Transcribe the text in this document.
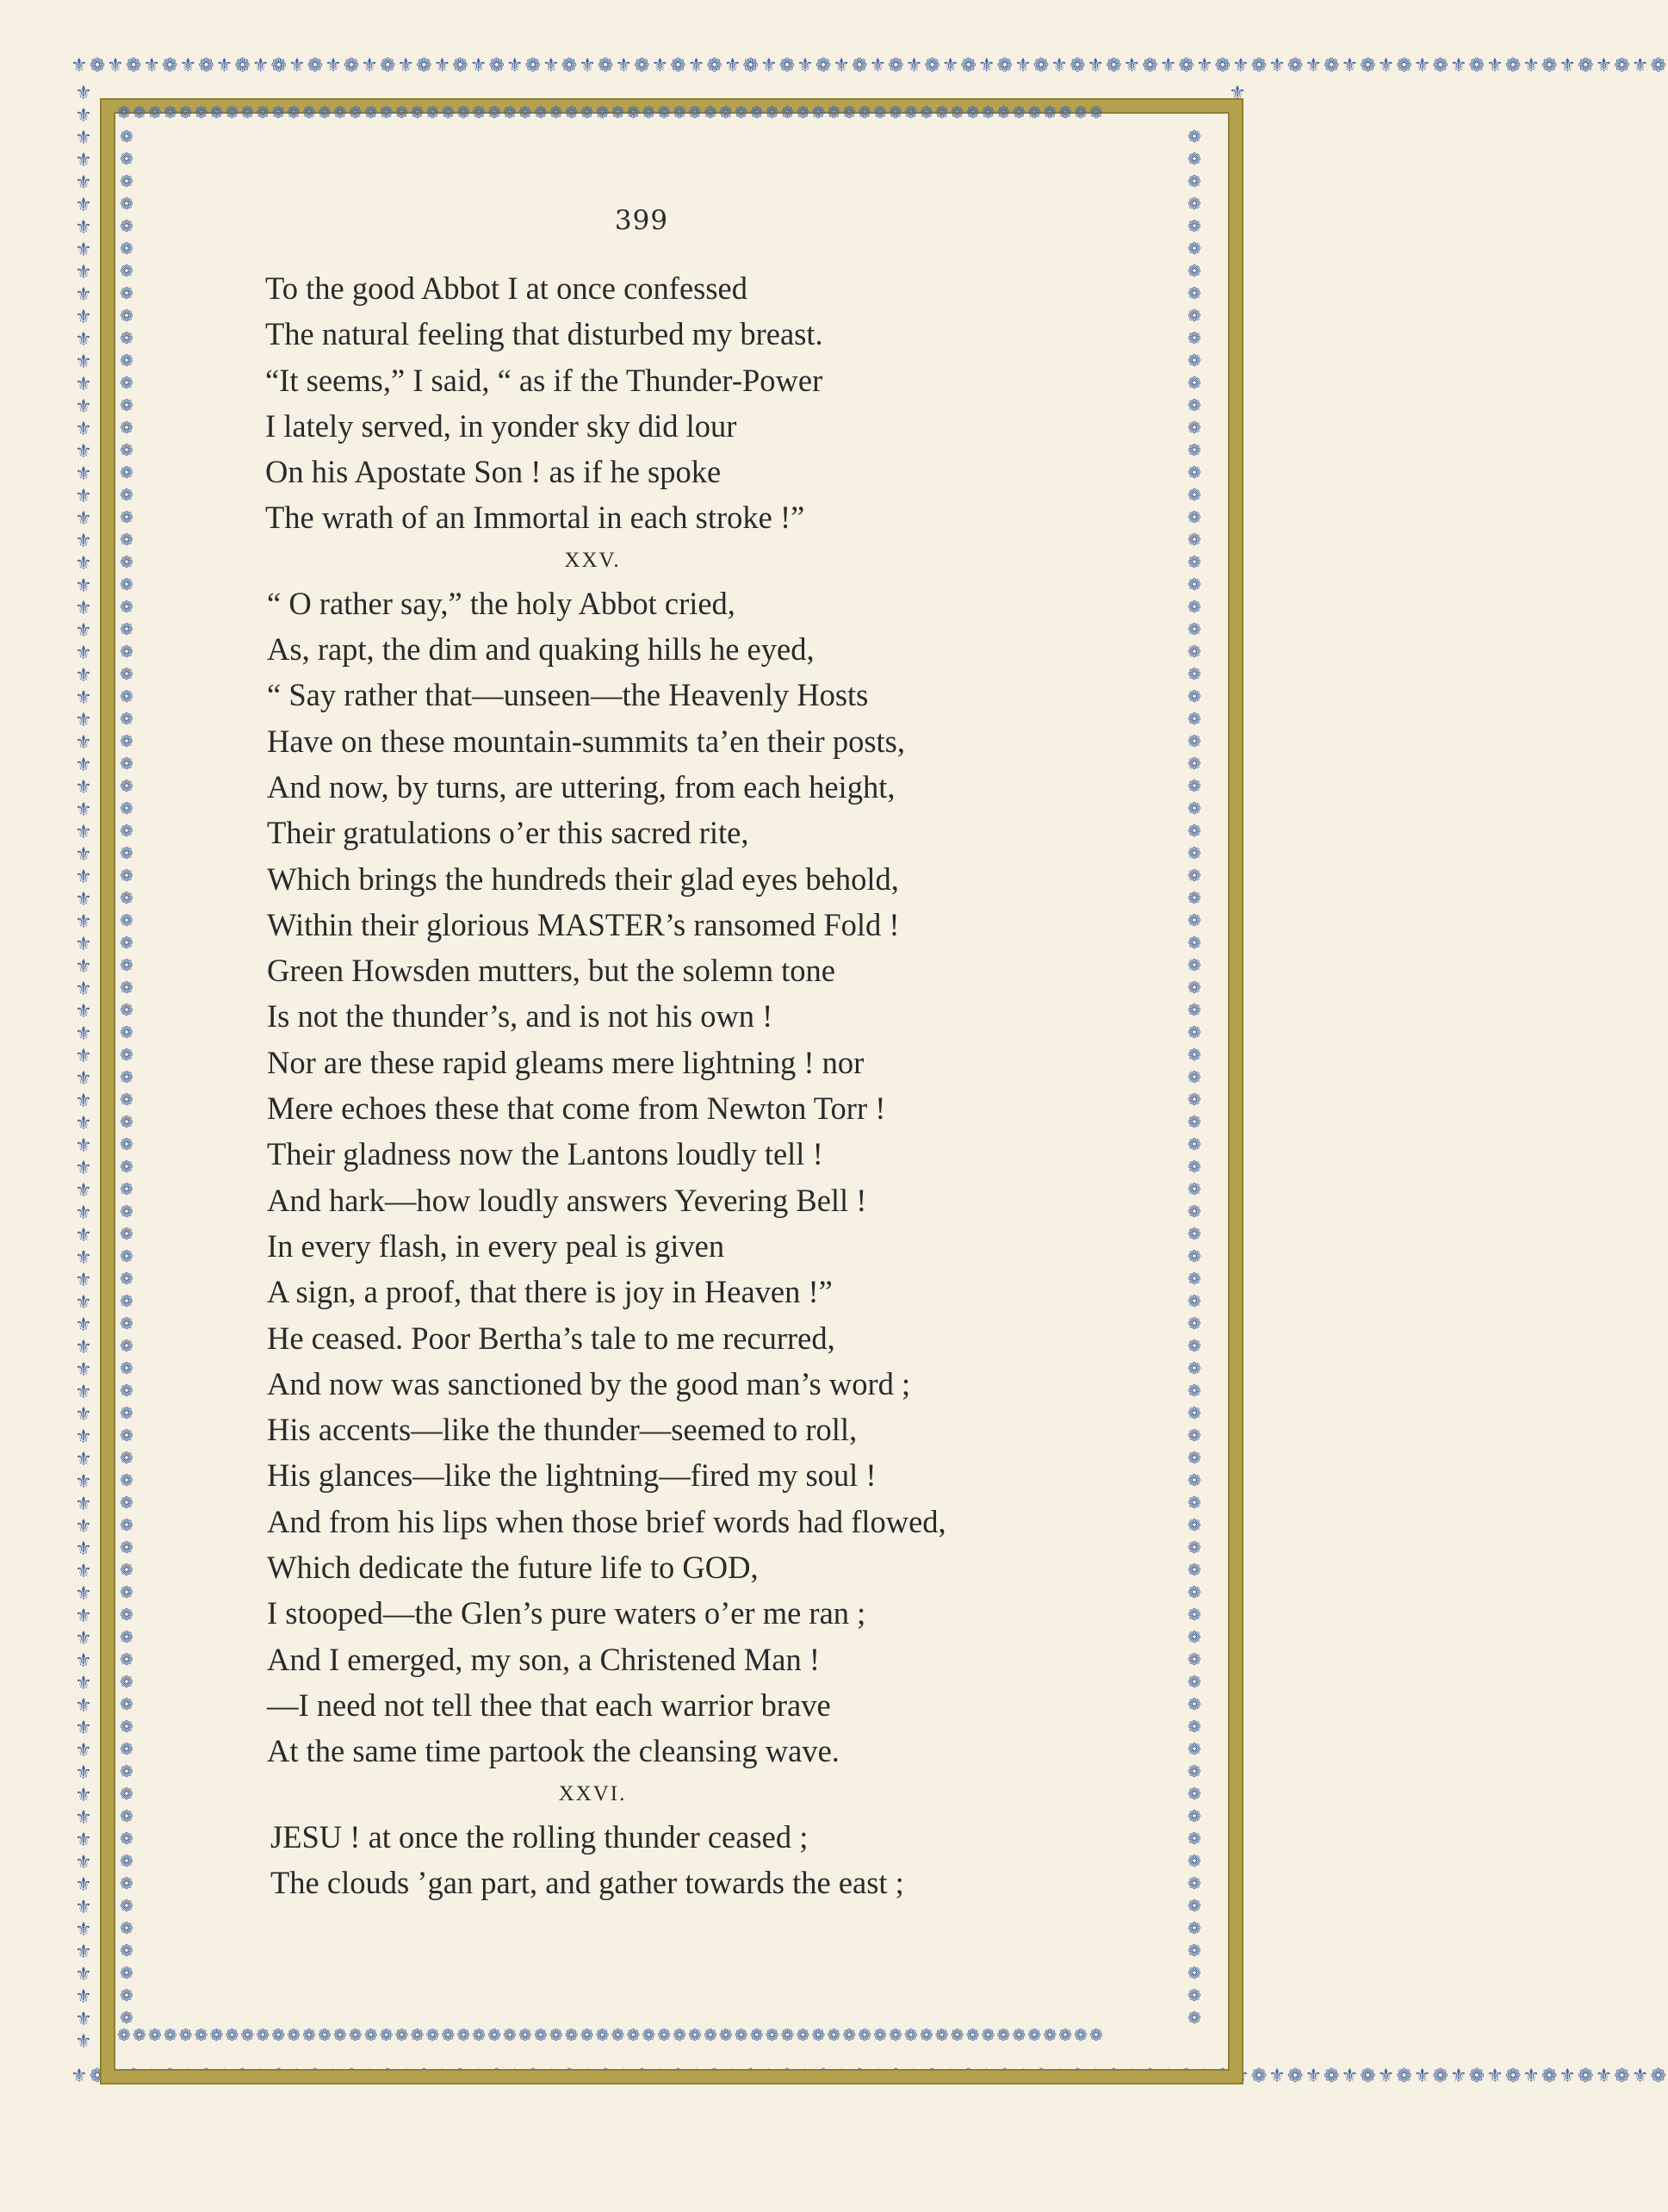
⚜❁⚜❁⚜❁⚜❁⚜❁⚜❁⚜❁⚜❁⚜❁⚜❁⚜❁⚜❁⚜❁⚜❁⚜❁⚜❁⚜❁⚜❁⚜❁⚜❁⚜❁⚜❁⚜❁⚜❁⚜❁⚜❁⚜❁⚜❁⚜❁⚜❁⚜❁⚜❁⚜❁⚜❁⚜❁⚜❁⚜❁⚜❁⚜❁⚜❁⚜❁⚜❁⚜❁⚜❁
⚜❁⚜❁⚜❁⚜❁⚜❁⚜❁⚜❁⚜❁⚜❁⚜❁⚜❁⚜❁⚜❁⚜❁⚜❁⚜❁⚜❁⚜❁⚜❁⚜❁⚜❁⚜❁⚜❁⚜❁⚜❁⚜❁⚜❁⚜❁⚜❁⚜❁⚜❁⚜❁⚜❁⚜❁⚜❁⚜❁⚜❁⚜❁⚜❁⚜❁⚜❁⚜❁⚜❁⚜❁
⚜⚜⚜⚜⚜⚜⚜⚜⚜⚜⚜⚜⚜⚜⚜⚜⚜⚜⚜⚜⚜⚜⚜⚜⚜⚜⚜⚜⚜⚜⚜⚜⚜⚜⚜⚜⚜⚜⚜⚜⚜⚜⚜⚜⚜⚜⚜⚜⚜⚜⚜⚜⚜⚜⚜⚜⚜⚜⚜⚜⚜⚜⚜⚜⚜⚜⚜⚜⚜⚜⚜⚜⚜⚜⚜⚜⚜⚜⚜⚜⚜⚜⚜⚜⚜⚜⚜⚜
⚜⚜⚜⚜⚜⚜⚜⚜⚜⚜⚜⚜⚜⚜⚜⚜⚜⚜⚜⚜⚜⚜⚜⚜⚜⚜⚜⚜⚜⚜⚜⚜⚜⚜⚜⚜⚜⚜⚜⚜⚜⚜⚜⚜⚜⚜⚜⚜⚜⚜⚜⚜⚜⚜⚜⚜⚜⚜⚜⚜⚜⚜⚜⚜⚜⚜⚜⚜⚜⚜⚜⚜⚜⚜⚜⚜⚜⚜⚜⚜⚜⚜⚜⚜⚜⚜⚜⚜
❁❁❁❁❁❁❁❁❁❁❁❁❁❁❁❁❁❁❁❁❁❁❁❁❁❁❁❁❁❁❁❁❁❁❁❁❁❁❁❁❁❁❁❁❁❁❁❁❁❁❁❁❁❁❁❁❁❁❁❁❁❁❁❁
❁❁❁❁❁❁❁❁❁❁❁❁❁❁❁❁❁❁❁❁❁❁❁❁❁❁❁❁❁❁❁❁❁❁❁❁❁❁❁❁❁❁❁❁❁❁❁❁❁❁❁❁❁❁❁❁❁❁❁❁❁❁❁❁
❁❁❁❁❁❁❁❁❁❁❁❁❁❁❁❁❁❁❁❁❁❁❁❁❁❁❁❁❁❁❁❁❁❁❁❁❁❁❁❁❁❁❁❁❁❁❁❁❁❁❁❁❁❁❁❁❁❁❁❁❁❁❁❁❁❁❁❁❁❁❁❁❁❁❁❁❁❁❁❁❁❁❁❁❁
❁❁❁❁❁❁❁❁❁❁❁❁❁❁❁❁❁❁❁❁❁❁❁❁❁❁❁❁❁❁❁❁❁❁❁❁❁❁❁❁❁❁❁❁❁❁❁❁❁❁❁❁❁❁❁❁❁❁❁❁❁❁❁❁❁❁❁❁❁❁❁❁❁❁❁❁❁❁❁❁❁❁❁❁❁
399
To the good Abbot I at once confessed
The natural feeling that disturbed my breast.
“It seems,” I said, “ as if the Thunder-Power
I lately served, in yonder sky did lour
On his Apostate Son ! as if he spoke
The wrath of an Immortal in each stroke !”
XXV.
“ O rather say,” the holy Abbot cried,
As, rapt, the dim and quaking hills he eyed,
“ Say rather that—unseen—the Heavenly Hosts
Have on these mountain-summits ta’en their posts,
And now, by turns, are uttering, from each height,
Their gratulations o’er this sacred rite,
Which brings the hundreds their glad eyes behold,
Within their glorious MASTER’s ransomed Fold !
Green Howsden mutters, but the solemn tone
Is not the thunder’s, and is not his own !
Nor are these rapid gleams mere lightning ! nor
Mere echoes these that come from Newton Torr !
Their gladness now the Lantons loudly tell !
And hark—how loudly answers Yevering Bell !
In every flash, in every peal is given
A sign, a proof, that there is joy in Heaven !”
He ceased. Poor Bertha’s tale to me recurred,
And now was sanctioned by the good man’s word ;
His accents—like the thunder—seemed to roll,
His glances—like the lightning—fired my soul !
And from his lips when those brief words had flowed,
Which dedicate the future life to GOD,
I stooped—the Glen’s pure waters o’er me ran ;
And I emerged, my son, a Christened Man !
—I need not tell thee that each warrior brave
At the same time partook the cleansing wave.
XXVI.
JESU ! at once the rolling thunder ceased ;
The clouds ’gan part, and gather towards the east ;
